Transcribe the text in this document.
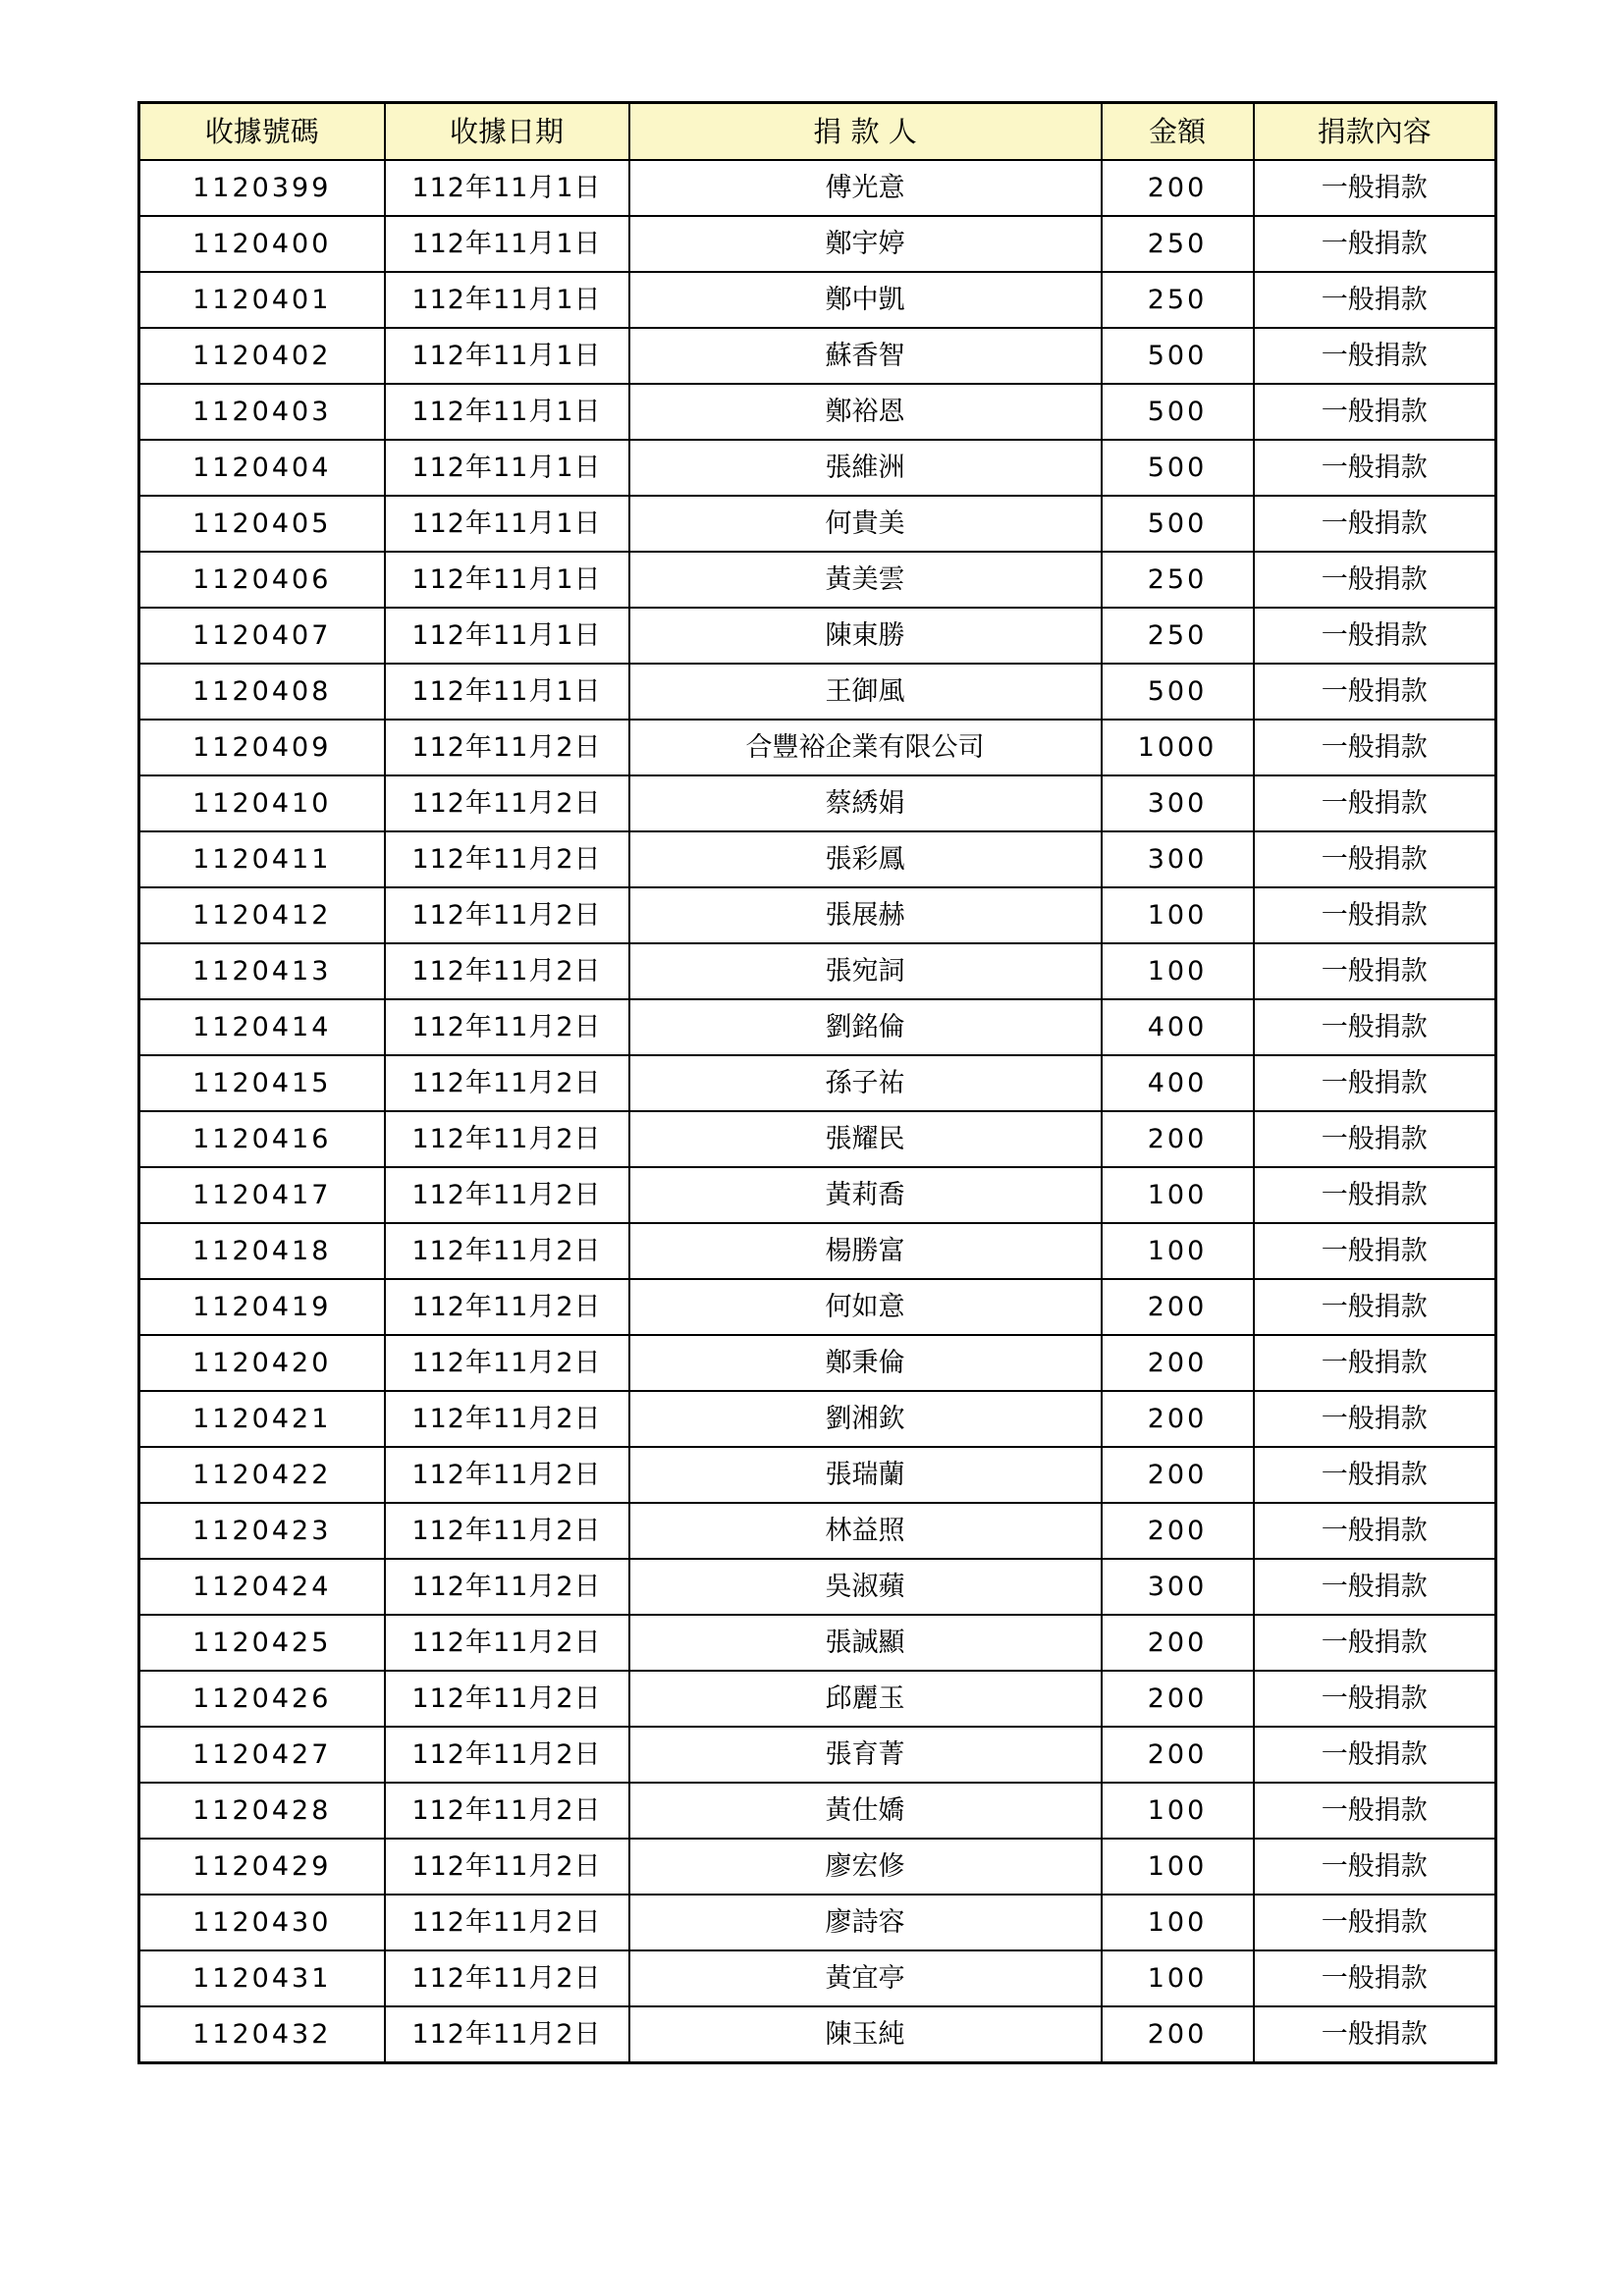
收據號碼	收據日期	捐 款 人	金額	捐款內容
1120399	112年11月1日	傅光意	200	一般捐款
1120400	112年11月1日	鄭宇婷	250	一般捐款
1120401	112年11月1日	鄭中凱	250	一般捐款
1120402	112年11月1日	蘇香智	500	一般捐款
1120403	112年11月1日	鄭裕恩	500	一般捐款
1120404	112年11月1日	張維洲	500	一般捐款
1120405	112年11月1日	何貴美	500	一般捐款
1120406	112年11月1日	黃美雲	250	一般捐款
1120407	112年11月1日	陳東勝	250	一般捐款
1120408	112年11月1日	王御風	500	一般捐款
1120409	112年11月2日	合豐裕企業有限公司	1000	一般捐款
1120410	112年11月2日	蔡綉娟	300	一般捐款
1120411	112年11月2日	張彩鳳	300	一般捐款
1120412	112年11月2日	張展赫	100	一般捐款
1120413	112年11月2日	張宛詞	100	一般捐款
1120414	112年11月2日	劉銘倫	400	一般捐款
1120415	112年11月2日	孫子祐	400	一般捐款
1120416	112年11月2日	張耀民	200	一般捐款
1120417	112年11月2日	黃莉喬	100	一般捐款
1120418	112年11月2日	楊勝富	100	一般捐款
1120419	112年11月2日	何如意	200	一般捐款
1120420	112年11月2日	鄭秉倫	200	一般捐款
1120421	112年11月2日	劉湘欽	200	一般捐款
1120422	112年11月2日	張瑞蘭	200	一般捐款
1120423	112年11月2日	林益照	200	一般捐款
1120424	112年11月2日	吳淑蘋	300	一般捐款
1120425	112年11月2日	張誠顯	200	一般捐款
1120426	112年11月2日	邱麗玉	200	一般捐款
1120427	112年11月2日	張育菁	200	一般捐款
1120428	112年11月2日	黃仕嬌	100	一般捐款
1120429	112年11月2日	廖宏修	100	一般捐款
1120430	112年11月2日	廖詩容	100	一般捐款
1120431	112年11月2日	黃宜亭	100	一般捐款
1120432	112年11月2日	陳玉純	200	一般捐款
